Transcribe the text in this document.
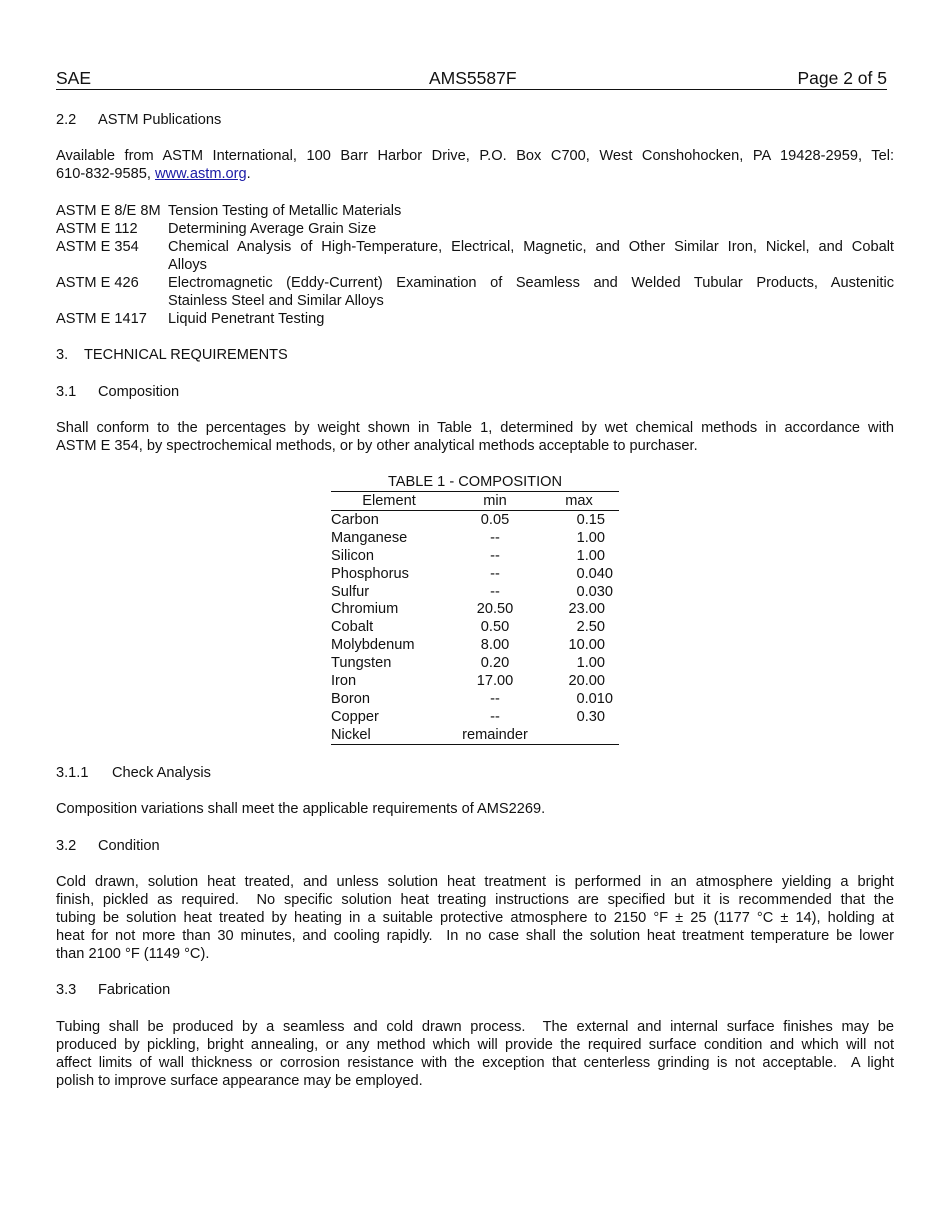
SAE	AMS5587F	Page 2 of 5
2.2 ASTM Publications
Available from ASTM International, 100 Barr Harbor Drive, P.O. Box C700, West Conshohocken, PA 19428-2959, Tel:
610-832-9585, www.astm.org.
ASTM E 8/E 8M Tension Testing of Metallic Materials
ASTM E 112 Determining Average Grain Size
ASTM E 354 Chemical Analysis of High-Temperature, Electrical, Magnetic, and Other Similar Iron, Nickel, and Cobalt
Alloys
ASTM E 426 Electromagnetic (Eddy-Current) Examination of Seamless and Welded Tubular Products, Austenitic
Stainless Steel and Similar Alloys
ASTM E 1417 Liquid Penetrant Testing
3. TECHNICAL REQUIREMENTS
3.1 Composition
Shall conform to the percentages by weight shown in Table 1, determined by wet chemical methods in accordance with
ASTM E 354, by spectrochemical methods, or by other analytical methods acceptable to purchaser.
TABLE 1 - COMPOSITION
Element	min	max
Carbon	0.05	0.15
Manganese	--	1.00
Silicon	--	1.00
Phosphorus	--	0.040
Sulfur	--	0.030
Chromium	20.50	23.00
Cobalt	0.50	2.50
Molybdenum	8.00	10.00
Tungsten	0.20	1.00
Iron	17.00	20.00
Boron	--	0.010
Copper	--	0.30
Nickel	remainder
3.1.1 Check Analysis
Composition variations shall meet the applicable requirements of AMS2269.
3.2 Condition
Cold drawn, solution heat treated, and unless solution heat treatment is performed in an atmosphere yielding a bright
finish, pickled as required.  No specific solution heat treating instructions are specified but it is recommended that the
tubing be solution heat treated by heating in a suitable protective atmosphere to 2150 °F ± 25 (1177 °C ± 14), holding at
heat for not more than 30 minutes, and cooling rapidly.  In no case shall the solution heat treatment temperature be lower
than 2100 °F (1149 °C).
3.3 Fabrication
Tubing shall be produced by a seamless and cold drawn process.  The external and internal surface finishes may be
produced by pickling, bright annealing, or any method which will provide the required surface condition and which will not
affect limits of wall thickness or corrosion resistance with the exception that centerless grinding is not acceptable.  A light
polish to improve surface appearance may be employed.
